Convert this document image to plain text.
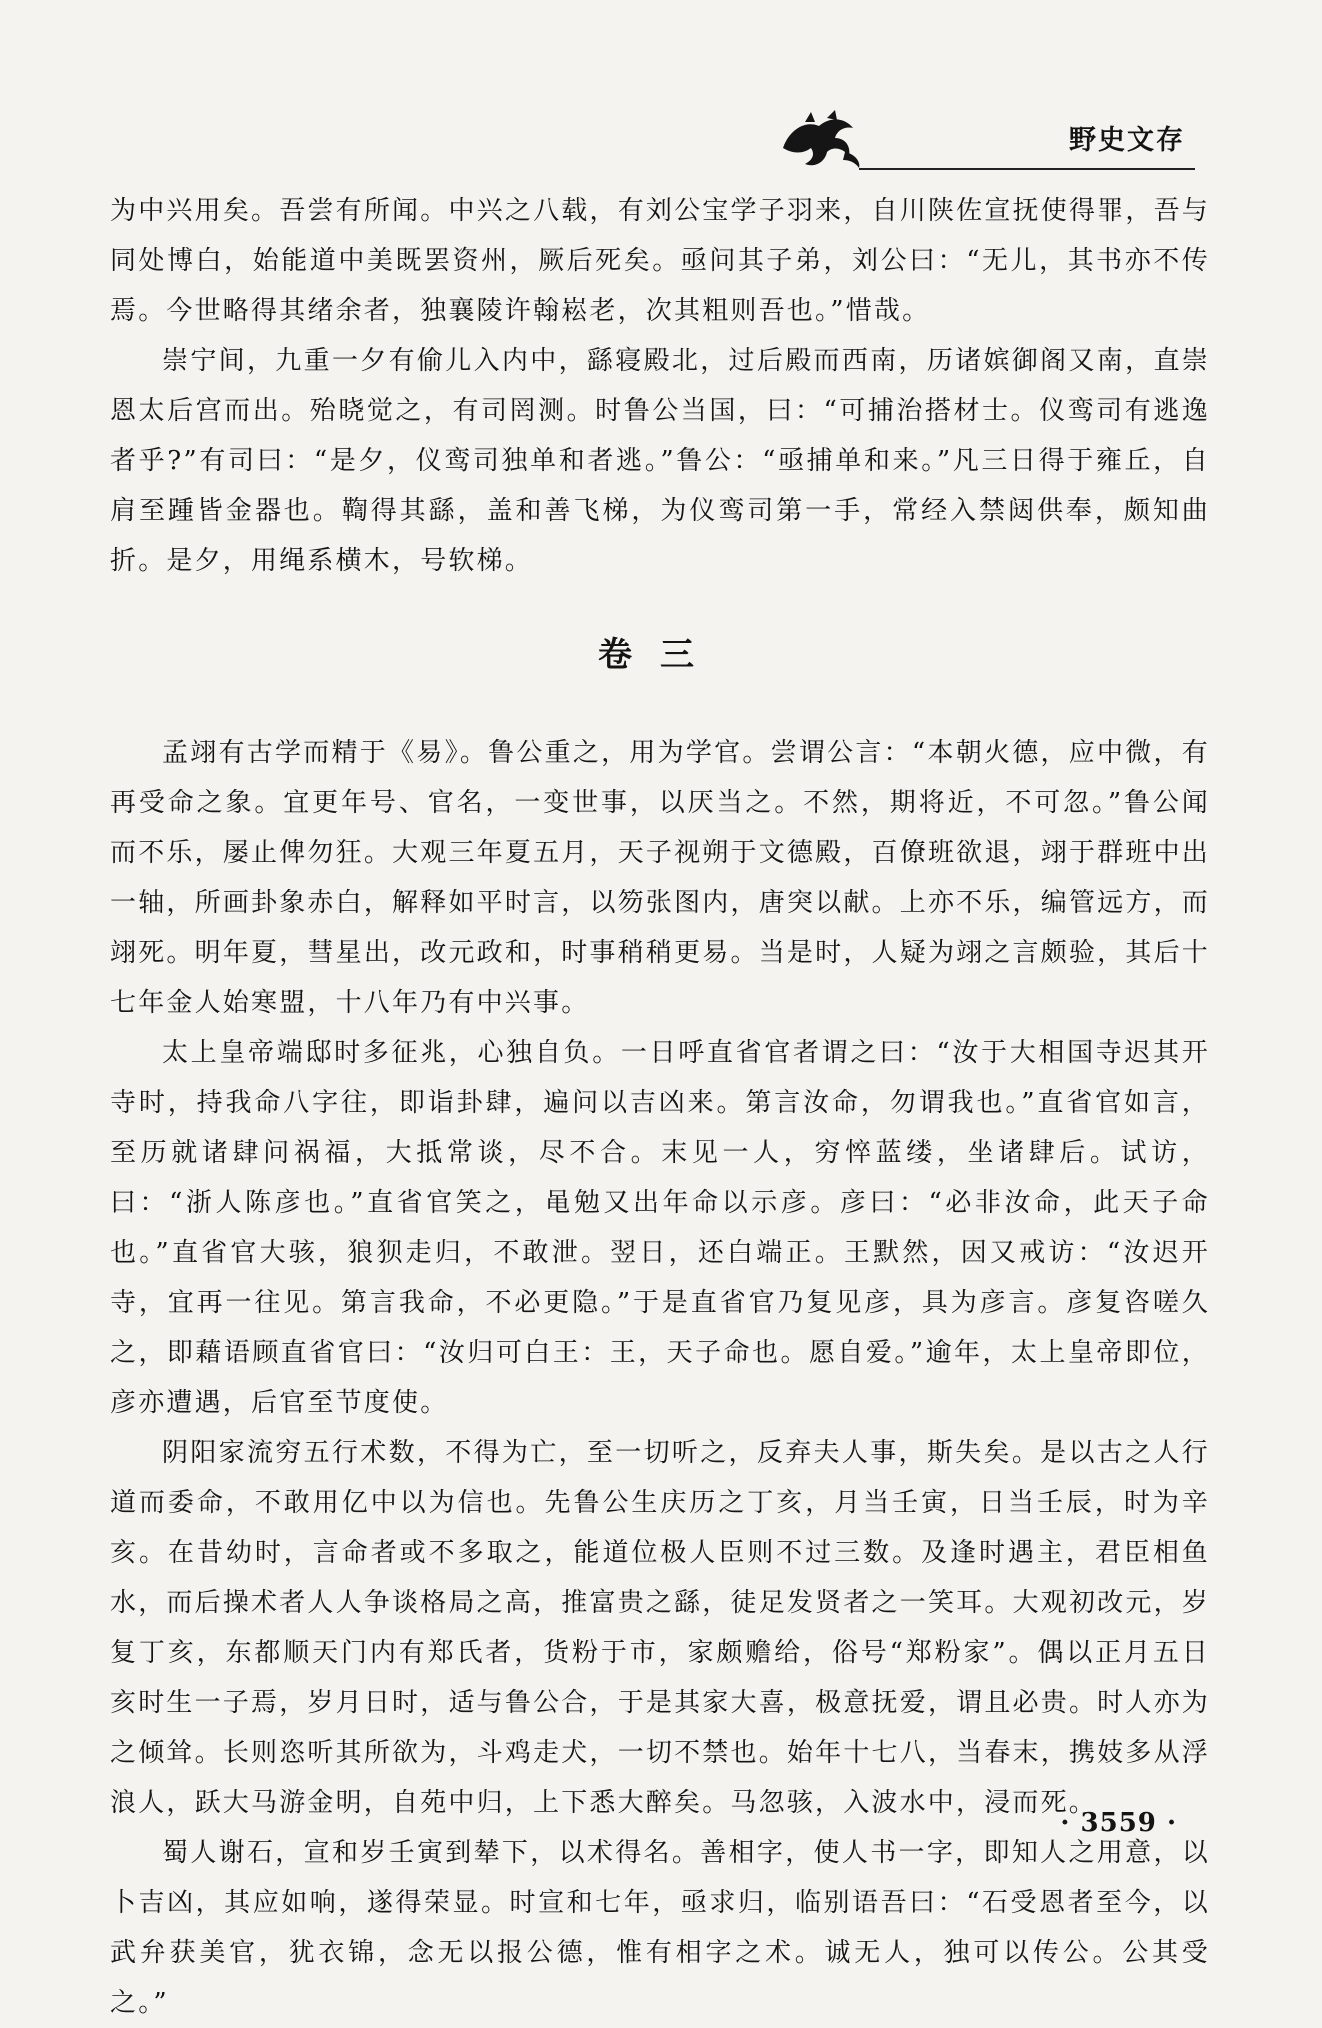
野史文存

为中兴用矣。吾尝有所闻。中兴之八载，有刘公宝学子羽来，自川陕佐宣抚使得罪，吾与同处博白，始能道中美既罢资州，厥后死矣。亟问其子弟，刘公曰：“无儿，其书亦不传焉。今世略得其绪余者，独襄陵许翰崧老，次其粗则吾也。”惜哉。

崇宁间，九重一夕有偷儿入内中，繇寝殿北，过后殿而西南，历诸嫔御阁又南，直崇恩太后宫而出。殆晓觉之，有司罔测。时鲁公当国，曰：“可捕治搭材士。仪鸾司有逃逸者乎?”有司曰：“是夕，仪鸾司独单和者逃。”鲁公：“亟捕单和来。”凡三日得于雍丘，自肩至踵皆金器也。鞫得其繇，盖和善飞梯，为仪鸾司第一手，常经入禁闼供奉，颇知曲折。是夕，用绳系横木，号软梯。

卷三

孟翊有古学而精于《易》。鲁公重之，用为学官。尝谓公言：“本朝火德，应中微，有再受命之象。宜更年号、官名，一变世事，以厌当之。不然，期将近，不可忽。”鲁公闻而不乐，屡止俾勿狂。大观三年夏五月，天子视朔于文德殿，百僚班欲退，翊于群班中出一轴，所画卦象赤白，解释如平时言，以笏张图内，唐突以献。上亦不乐，编管远方，而翊死。明年夏，彗星出，改元政和，时事稍稍更易。当是时，人疑为翊之言颇验，其后十七年金人始寒盟，十八年乃有中兴事。

太上皇帝端邸时多征兆，心独自负。一日呼直省官者谓之曰：“汝于大相国寺迟其开寺时，持我命八字往，即诣卦肆，遍问以吉凶来。第言汝命，勿谓我也。”直省官如言，至历就诸肆问祸福，大抵常谈，尽不合。末见一人，穷悴蓝缕，坐诸肆后。试访，曰：“浙人陈彦也。”直省官笑之，黾勉又出年命以示彦。彦曰：“必非汝命，此天子命也。”直省官大骇，狼狈走归，不敢泄。翌日，还白端正。王默然，因又戒访：“汝迟开寺，宜再一往见。第言我命，不必更隐。”于是直省官乃复见彦，具为彦言。彦复咨嗟久之，即藉语顾直省官曰：“汝归可白王：王，天子命也。愿自爱。”逾年，太上皇帝即位，彦亦遭遇，后官至节度使。

阴阳家流穷五行术数，不得为亡，至一切听之，反弃夫人事，斯失矣。是以古之人行道而委命，不敢用亿中以为信也。先鲁公生庆历之丁亥，月当壬寅，日当壬辰，时为辛亥。在昔幼时，言命者或不多取之，能道位极人臣则不过三数。及逢时遇主，君臣相鱼水，而后操术者人人争谈格局之高，推富贵之繇，徒足发贤者之一笑耳。大观初改元，岁复丁亥，东都顺天门内有郑氏者，货粉于市，家颇赡给，俗号“郑粉家”。偶以正月五日亥时生一子焉，岁月日时，适与鲁公合，于是其家大喜，极意抚爱，谓且必贵。时人亦为之倾耸。长则恣听其所欲为，斗鸡走犬，一切不禁也。始年十七八，当春末，携妓多从浮浪人，跃大马游金明，自苑中归，上下悉大醉矣。马忽骇，入波水中，浸而死。

蜀人谢石，宣和岁壬寅到辇下，以术得名。善相字，使人书一字，即知人之用意，以卜吉凶，其应如响，遂得荣显。时宣和七年，亟求归，临别语吾曰：“石受恩者至今，以武弁获美官，犹衣锦，念无以报公德，惟有相字之术。诚无人，独可以传公。公其受之。”

· 3559 ·
